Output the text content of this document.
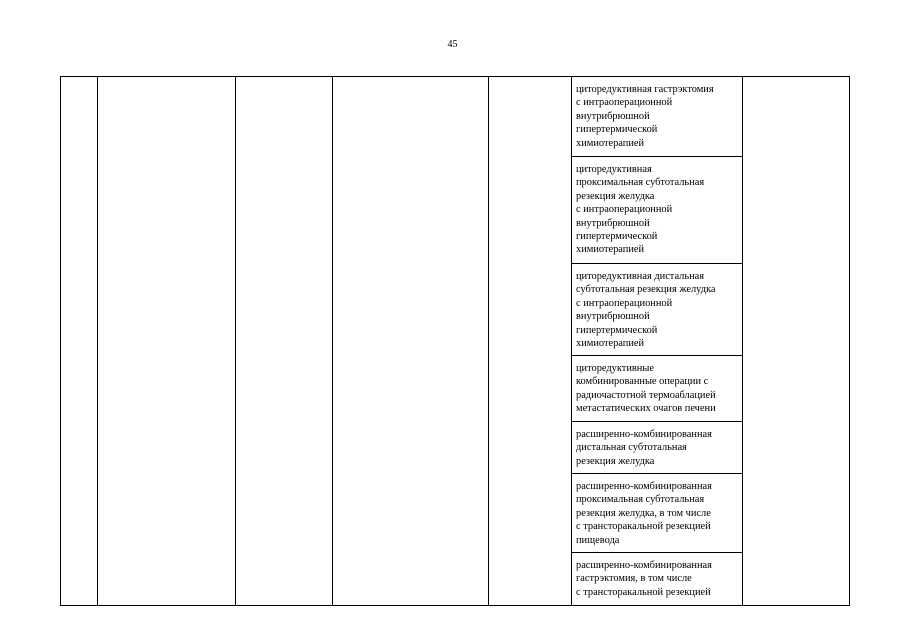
45
циторедуктивная гастрэктомия
с интраоперационной
внутрибрюшной
гипертермической
химиотерапией
циторедуктивная
проксимальная субтотальная
резекция желудка
с интраоперационной
внутрибрюшной
гипертермической
химиотерапией
циторедуктивная дистальная
субтотальная резекция желудка
с интраоперационной
внутрибрюшной
гипертермической
химиотерапией
циторедуктивные
комбинированные операции с
радиочастотной термоаблацией
метастатических очагов печени
расширенно-комбинированная
дистальная субтотальная
резекция желудка
расширенно-комбинированная
проксимальная субтотальная
резекция желудка, в том числе
с трансторакальной резекцией
пищевода
расширенно-комбинированная
гастрэктомия, в том числе
с трансторакальной резекцией
